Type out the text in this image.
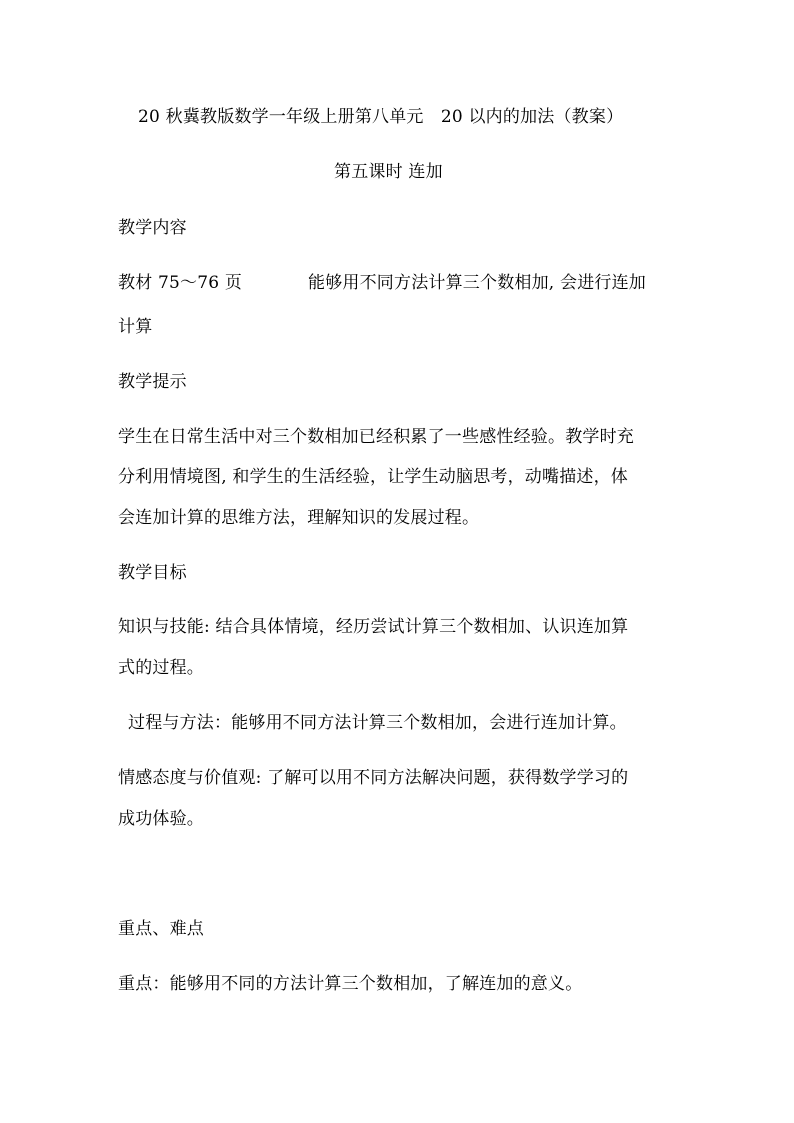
20 秋冀教版数学一年级上册第八单元　20 以内的加法（教案）
第五课时 连加
教学内容
教材 75～76 页	能够用不同方法计算三个数相加, 会进行连加
计算
教学提示
学生在日常生活中对三个数相加已经积累了一些感性经验。教学时充
分利用情境图, 和学生的生活经验，让学生动脑思考，动嘴描述，体
会连加计算的思维方法，理解知识的发展过程。
教学目标
知识与技能: 结合具体情境，经历尝试计算三个数相加、认识连加算
式的过程。
过程与方法：能够用不同方法计算三个数相加，会进行连加计算。
情感态度与价值观: 了解可以用不同方法解决问题，获得数学学习的
成功体验。
重点、难点
重点：能够用不同的方法计算三个数相加，了解连加的意义。
